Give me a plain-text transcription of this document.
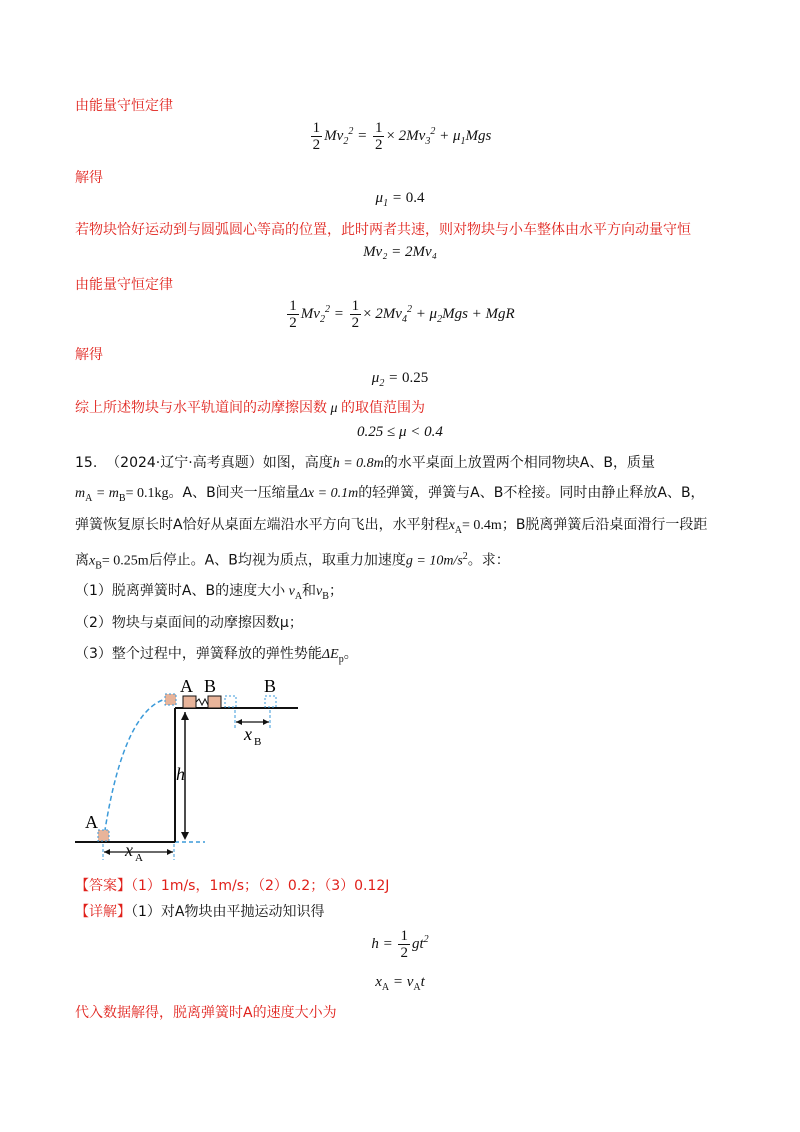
由能量守恒定律
$\frac{1}{2} Mv_2^2 = \frac{1}{2} \times 2Mv_3^2 + \mu_1Mgs$
解得
$\mu_1 = 0.4$
若物块恰好运动到与圆弧圆心等高的位置，此时两者共速，则对物块与小车整体由水平方向动量守恒
Mv₂ = 2Mv₄
由能量守恒定律
$\frac{1}{2} Mv_2^2 = \frac{1}{2} \times 2Mv_4^2 + \mu_2Mgs$ + MgR
解得
$\mu_2 = 0.25$
综上所述物块与水平轨道间的动摩擦因数 μ 的取值范围为
0.25 ≤ μ < 0.4
15. （2024·辽宁·高考真题）如图，高度h = 0.8m的水平桌面上放置两个相同物块A、B，质量
$m_A = m_B= 0.1kg$。A、B间夹一压缩量Δx = 0.1m的轻弹簧，弹簧与A、B不栓接。同时由静止释放A、B，
弹簧恢复原长时A恰好从桌面左端沿水平方向飞出，水平射程$x_A= 0.4m$；B脱离弹簧后沿桌面滑行一段距
离$x_B= 0.25m$后停止。A、B均视为质点，取重力加速度$g = 10m/s^2$。求：
（1）脱离弹簧时A、B的速度大小 $v_A$和$v_B$；
（2）物块与桌面间的动摩擦因数μ；
（3）整个过程中，弹簧释放的弹性势能$\Delta E_p$。
A B	B
A
h
x B
x A
【答案】（1）1m/s，1m/s；（2）0.2；（3）0.12J
【详解】（1）对A物块由平抛运动知识得
$h = \frac{1}{2} gt^2$
$x_A = v_At$
代入数据解得，脱离弹簧时A的速度大小为
